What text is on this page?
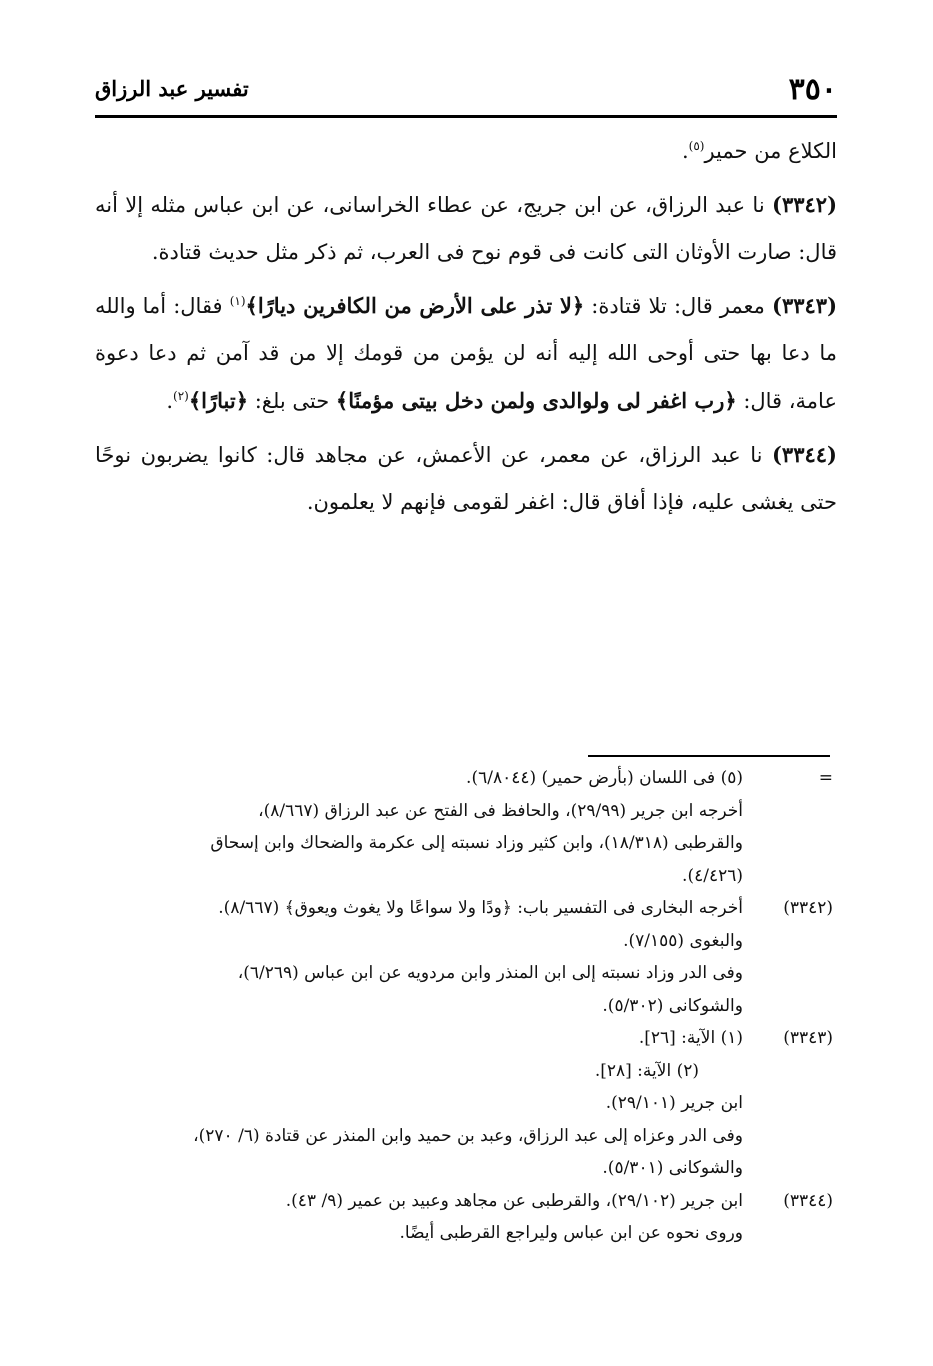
٣٥٠
تفسير عبد الرزاق

الكلاع من حمير$^{(٥)}$.

(٣٣٤٢) نا عبد الرزاق، عن ابن جريج، عن عطاء الخراسانى، عن ابن عباس مثله إلا أنه قال: صارت الأوثان التى كانت فى قوم نوح فى العرب، ثم ذكر مثل حديث قتادة.

(٣٣٤٣) معمر قال: تلا قتادة: ﴿لا تذر على الأرض من الكافرين ديارًا﴾$^{(١)}$ فقال: أما والله ما دعا بها حتى أوحى الله إليه أنه لن يؤمن من قومك إلا من قد آمن ثم دعا دعوة عامة، قال: ﴿رب اغفر لى ولوالدى ولمن دخل بيتى مؤمنًا﴾ حتى بلغ: ﴿تبارًا﴾$^{(٢)}$.

(٣٣٤٤) نا عبد الرزاق، عن معمر، عن الأعمش، عن مجاهد قال: كانوا يضربون نوحًا حتى يغشى عليه، فإذا أفاق قال: اغفر لقومى فإنهم لا يعلمون.

=
(٥) فى اللسان (بأرض حمير) (٦/٨٠٤٤).
أخرجه ابن جرير (٢٩/٩٩)، والحافظ فى الفتح عن عبد الرزاق (٨/٦٦٧)،
والقرطبى (١٨/٣١٨)، وابن كثير وزاد نسبته إلى عكرمة والضحاك وابن إسحاق
(٤/٤٢٦).
(٣٣٤٢)
أخرجه البخارى فى التفسير باب: ﴿ودًا ولا سواعًا ولا يغوث ويعوق﴾ (٨/٦٦٧).
والبغوى (٧/١٥٥).
وفى الدر وزاد نسبته إلى ابن المنذر وابن مردويه عن ابن عباس (٦/٢٦٩)،
والشوكانى (٥/٣٠٢).
(٣٣٤٣)
(١) الآية: [٢٦].
(٢) الآية: [٢٨].
ابن جرير (٢٩/١٠١).
وفى الدر وعزاه إلى عبد الرزاق، وعبد بن حميد وابن المنذر عن قتادة (٦/ ٢٧٠)،
والشوكانى (٥/٣٠١).
(٣٣٤٤)
ابن جرير (٢٩/١٠٢)، والقرطبى عن مجاهد وعبيد بن عمير (٩/ ٤٣).
وروى نحوه عن ابن عباس وليراجع القرطبى أيضًا.
